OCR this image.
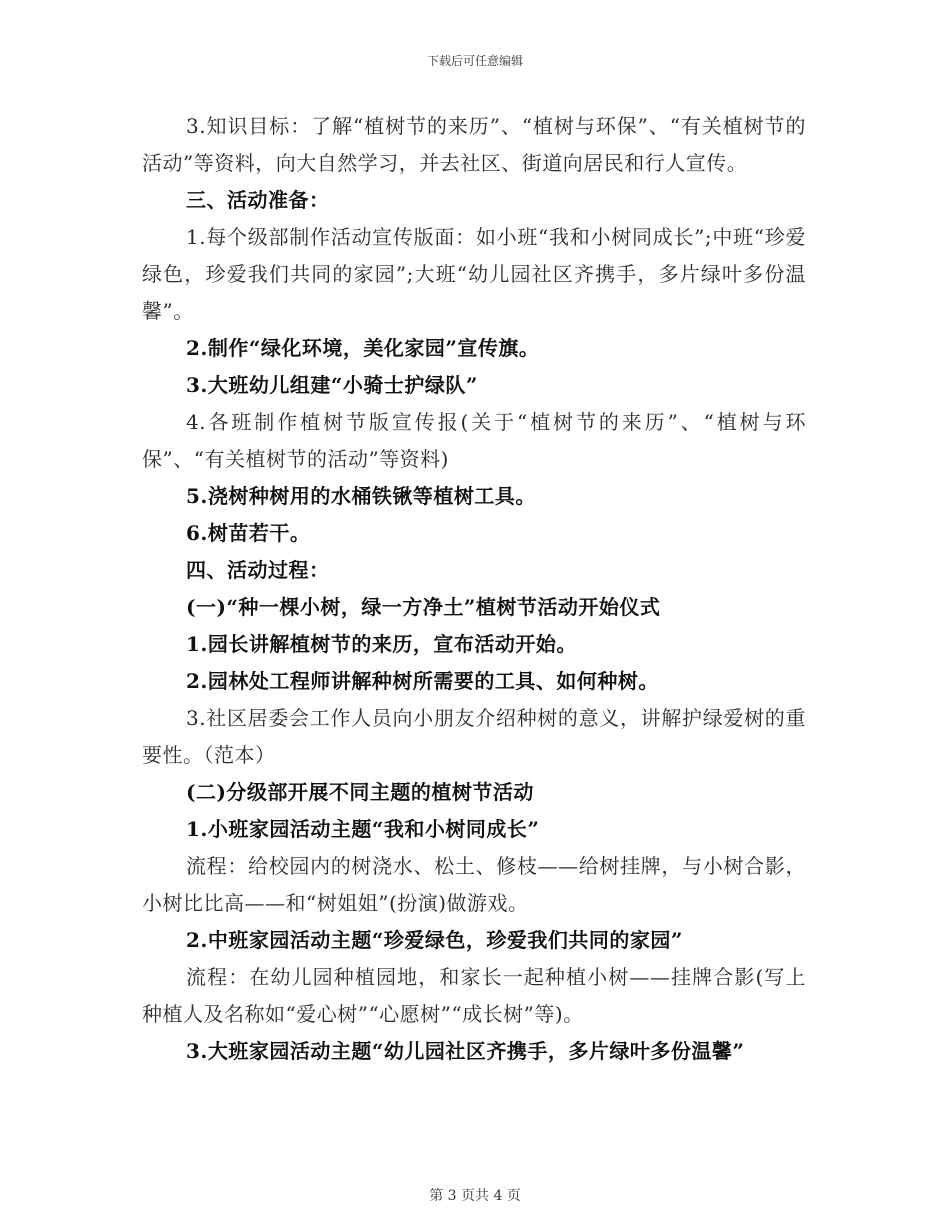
下载后可任意编辑

3.知识目标：了解“植树节的来历”、“植树与环保”、“有关植树节的活动”等资料，向大自然学习，并去社区、街道向居民和行人宣传。

三、活动准备：

1.每个级部制作活动宣传版面：如小班“我和小树同成长”;中班“珍爱绿色，珍爱我们共同的家园”;大班“幼儿园社区齐携手，多片绿叶多份温馨”。

2.制作“绿化环境，美化家园”宣传旗。

3.大班幼儿组建“小骑士护绿队”

4.各班制作植树节版宣传报(关于“植树节的来历”、“植树与环保”、“有关植树节的活动”等资料)

5.浇树种树用的水桶铁锹等植树工具。

6.树苗若干。

四、活动过程：

(一)“种一棵小树，绿一方净土”植树节活动开始仪式

1.园长讲解植树节的来历，宣布活动开始。

2.园林处工程师讲解种树所需要的工具、如何种树。

3.社区居委会工作人员向小朋友介绍种树的意义，讲解护绿爱树的重要性。（范本）

(二)分级部开展不同主题的植树节活动

1.小班家园活动主题“我和小树同成长”

流程：给校园内的树浇水、松土、修枝——给树挂牌，与小树合影，小树比比高——和“树姐姐”(扮演)做游戏。

2.中班家园活动主题“珍爱绿色，珍爱我们共同的家园”

流程：在幼儿园种植园地，和家长一起种植小树——挂牌合影(写上种植人及名称如“爱心树”“心愿树”“成长树”等)。

3.大班家园活动主题“幼儿园社区齐携手，多片绿叶多份温馨”

第 3 页共 4 页
